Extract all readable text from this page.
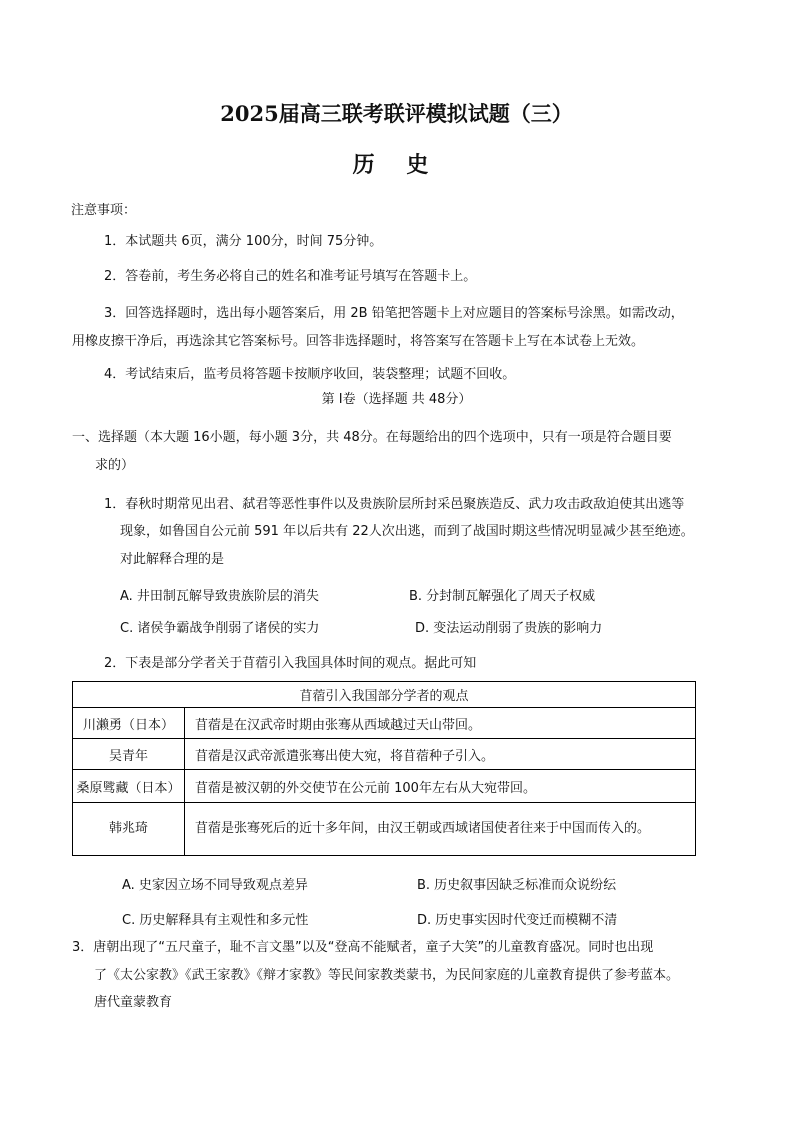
2025届高三联考联评模拟试题（三）
历 史
注意事项：
1．本试题共 6页，满分 100分，时间 75分钟。
2．答卷前，考生务必将自己的姓名和准考证号填写在答题卡上。
3．回答选择题时，选出每小题答案后，用 2B 铅笔把答题卡上对应题目的答案标号涂黑。如需改动，
用橡皮擦干净后，再选涂其它答案标号。回答非选择题时，将答案写在答题卡上写在本试卷上无效。
4．考试结束后，监考员将答题卡按顺序收回，装袋整理；试题不回收。
第 I卷（选择题 共 48分）
一、选择题（本大题 16小题，每小题 3分，共 48分。在每题给出的四个选项中，只有一项是符合题目要
求的）
1．春秋时期常见出君、弑君等恶性事件以及贵族阶层所封采邑聚族造反、武力攻击政敌迫使其出逃等
现象，如鲁国自公元前 591 年以后共有 22人次出逃，而到了战国时期这些情况明显减少甚至绝迹。
对此解释合理的是
A. 井田制瓦解导致贵族阶层的消失	B. 分封制瓦解强化了周天子权威
C. 诸侯争霸战争削弱了诸侯的实力	D. 变法运动削弱了贵族的影响力
2．下表是部分学者关于苜蓿引入我国具体时间的观点。据此可知
苜蓿引入我国部分学者的观点	
川濑勇（日本）	苜蓿是在汉武帝时期由张骞从西域越过天山带回。
吴青年	苜蓿是汉武帝派遣张骞出使大宛，将苜蓿种子引入。
桑原骘藏（日本）	苜蓿是被汉朝的外交使节在公元前 100年左右从大宛带回。
韩兆琦	苜蓿是张骞死后的近十多年间，由汉王朝或西域诸国使者往来于中国而传入的。
A. 史家因立场不同导致观点差异	B. 历史叙事因缺乏标准而众说纷纭
C. 历史解释具有主观性和多元性	D. 历史事实因时代变迁而模糊不清
3．唐朝出现了“五尺童子，耻不言文墨”以及“登高不能赋者，童子大笑”的儿童教育盛况。同时也出现
了《太公家教》《武王家教》《辩才家教》等民间家教类蒙书，为民间家庭的儿童教育提供了参考蓝本。
唐代童蒙教育
